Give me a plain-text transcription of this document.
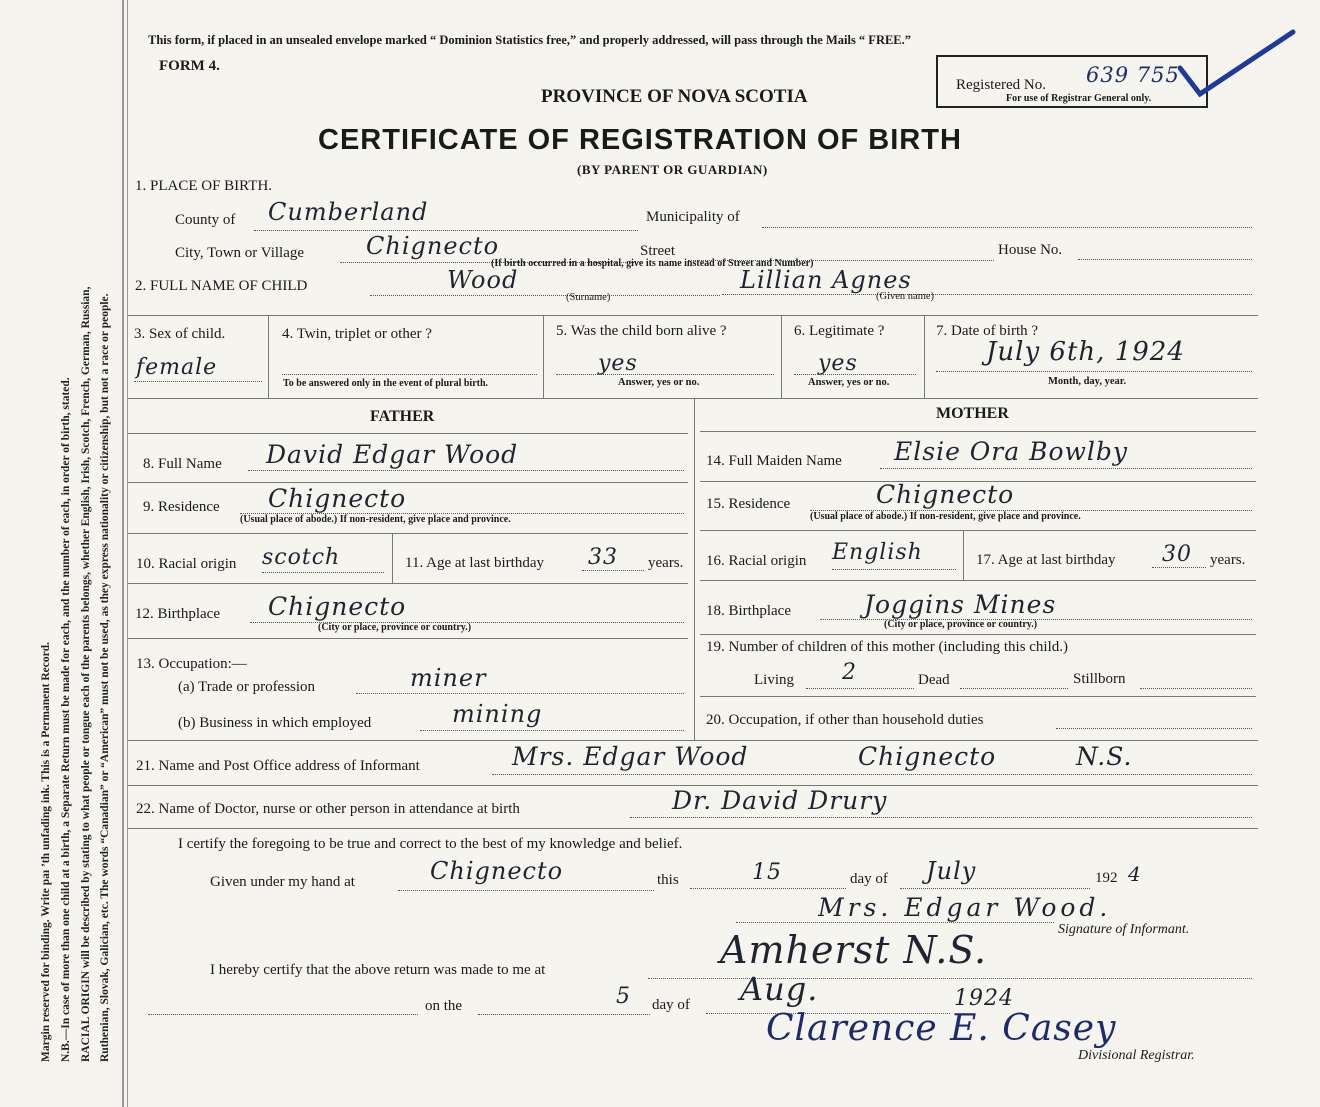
Margin reserved for binding. Write paı ’th unfading ink. This is a Permanent Record. N.B.—In case of more than one child at a birth, a Separate Return must be made for each, and the number of each, in order of birth, stated. RACIAL ORIGIN will be described by stating to what people or tongue each of the parents belongs, whether English, Irish, Scotch, French, German, Russian, Ruthenian, Slovak, Galician, etc. The words “Canadian” or “American” must not be used, as they express nationality or citizenship, but not a race or people.
This form, if placed in an unsealed envelope marked “ Dominion Statistics free,” and properly addressed, will pass through the Mails “ FREE.”
FORM 4.
PROVINCE OF NOVA SCOTIA
CERTIFICATE OF REGISTRATION OF BIRTH
(BY PARENT OR GUARDIAN)
Registered No. 639 755
For use of Registrar General only.
1. PLACE OF BIRTH.
County of Cumberland	Municipality of
City, Town or Village	Chignecto	Street	House No.
(If birth occurred in a hospital, give its name instead of Street and Number)
2. FULL NAME OF CHILD	Wood
(Surname)
Lillian Agnes
(Given name)
3. Sex of child.
female
4. Twin, triplet or other ?
To be answered only in the event of plural birth.
5. Was the child born alive ?
yes
Answer, yes or no.
6. Legitimate ?
yes
Answer, yes or no.
7. Date of birth ?
July 6th, 1924
Month, day, year.
FATHER	MOTHER
8. Full Name David Edgar Wood
9. Residence Chignecto
(Usual place of abode.) If non-resident, give place and province.
10. Racial origin scotch	11. Age at last birthday 33 years.
12. Birthplace Chignecto
(City or place, province or country.)
13. Occupation:—
(a) Trade or profession	miner
(b) Business in which employed	mining
14. Full Maiden Name Elsie Ora Bowlby
15. Residence	Chignecto
(Usual place of abode.) If non-resident, give place and province.
16. Racial origin English	17. Age at last birthday 30 years.
18. Birthplace	Joggins Mines
(City or place, province or country.)
19. Number of children of this mother (including this child.)
Living 2	Dead	Stillborn
20. Occupation, if other than household duties
21. Name and Post Office address of Informant	Mrs. Edgar Wood	Chignecto	N.S.
22. Name of Doctor, nurse or other person in attendance at birth	Dr. David Drury
I certify the foregoing to be true and correct to the best of my knowledge and belief.
Given under my hand at	Chignecto	this	15	day of July	192 4
Mrs. Edgar Wood.
Signature of Informant.
I hereby certify that the above return was made to me at	Amherst N.S.
on the	5 day of Aug.	1924
Clarence E. Casey
Divisional Registrar.
